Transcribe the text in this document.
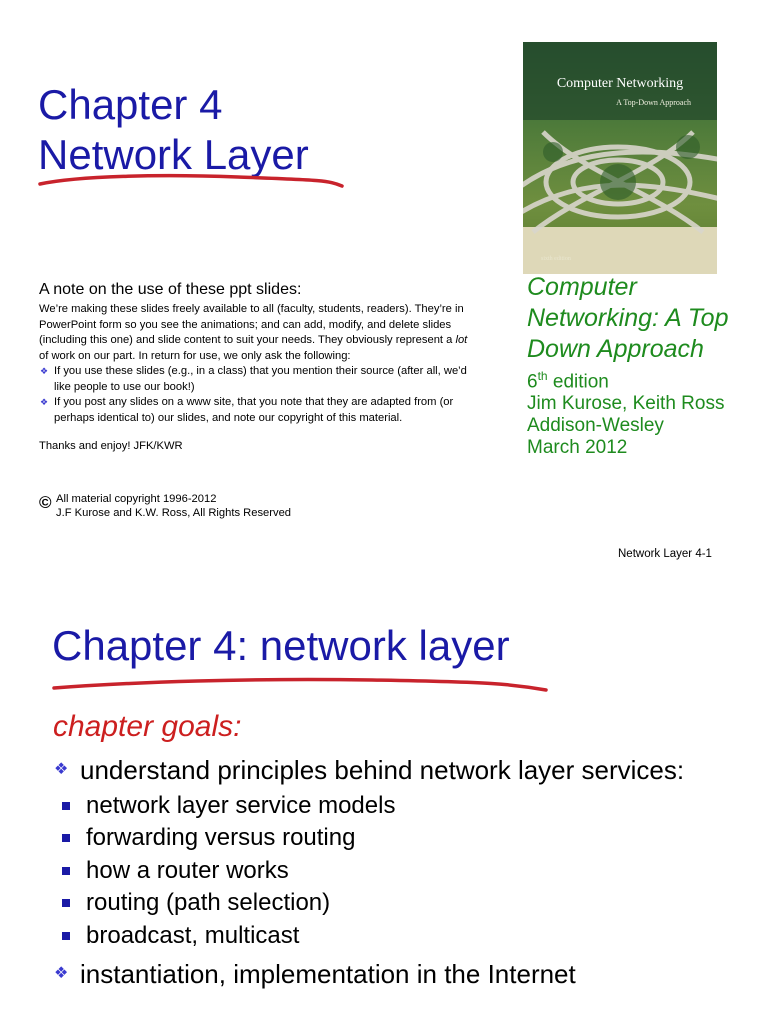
Chapter 4
Network Layer
Computer Networking
A Top-Down Approach
sixth edition
A note on the use of these ppt slides:

We’re making these slides freely available to all (faculty, students, readers). They’re in PowerPoint form so you see the animations; and can add, modify, and delete slides (including this one) and slide content to suit your needs. They obviously represent a lot of work on our part. In return for use, we only ask the following:

❖ If you use these slides (e.g., in a class) that you mention their source (after all, we’d like people to use our book!)
❖ If you post any slides on a www site, that you note that they are adapted from (or perhaps identical to) our slides, and note our copyright of this material.

Thanks and enjoy! JFK/KWR

© All material copyright 1996-2012
J.F Kurose and K.W. Ross, All Rights Reserved
Computer Networking: A Top Down Approach
6th edition
Jim Kurose, Keith Ross
Addison-Wesley
March 2012
Network Layer 4-1
Chapter 4: network layer
chapter goals:
❖ understand principles behind network layer services:
network layer service models
forwarding versus routing
how a router works
routing (path selection)
broadcast, multicast
❖ instantiation, implementation in the Internet
